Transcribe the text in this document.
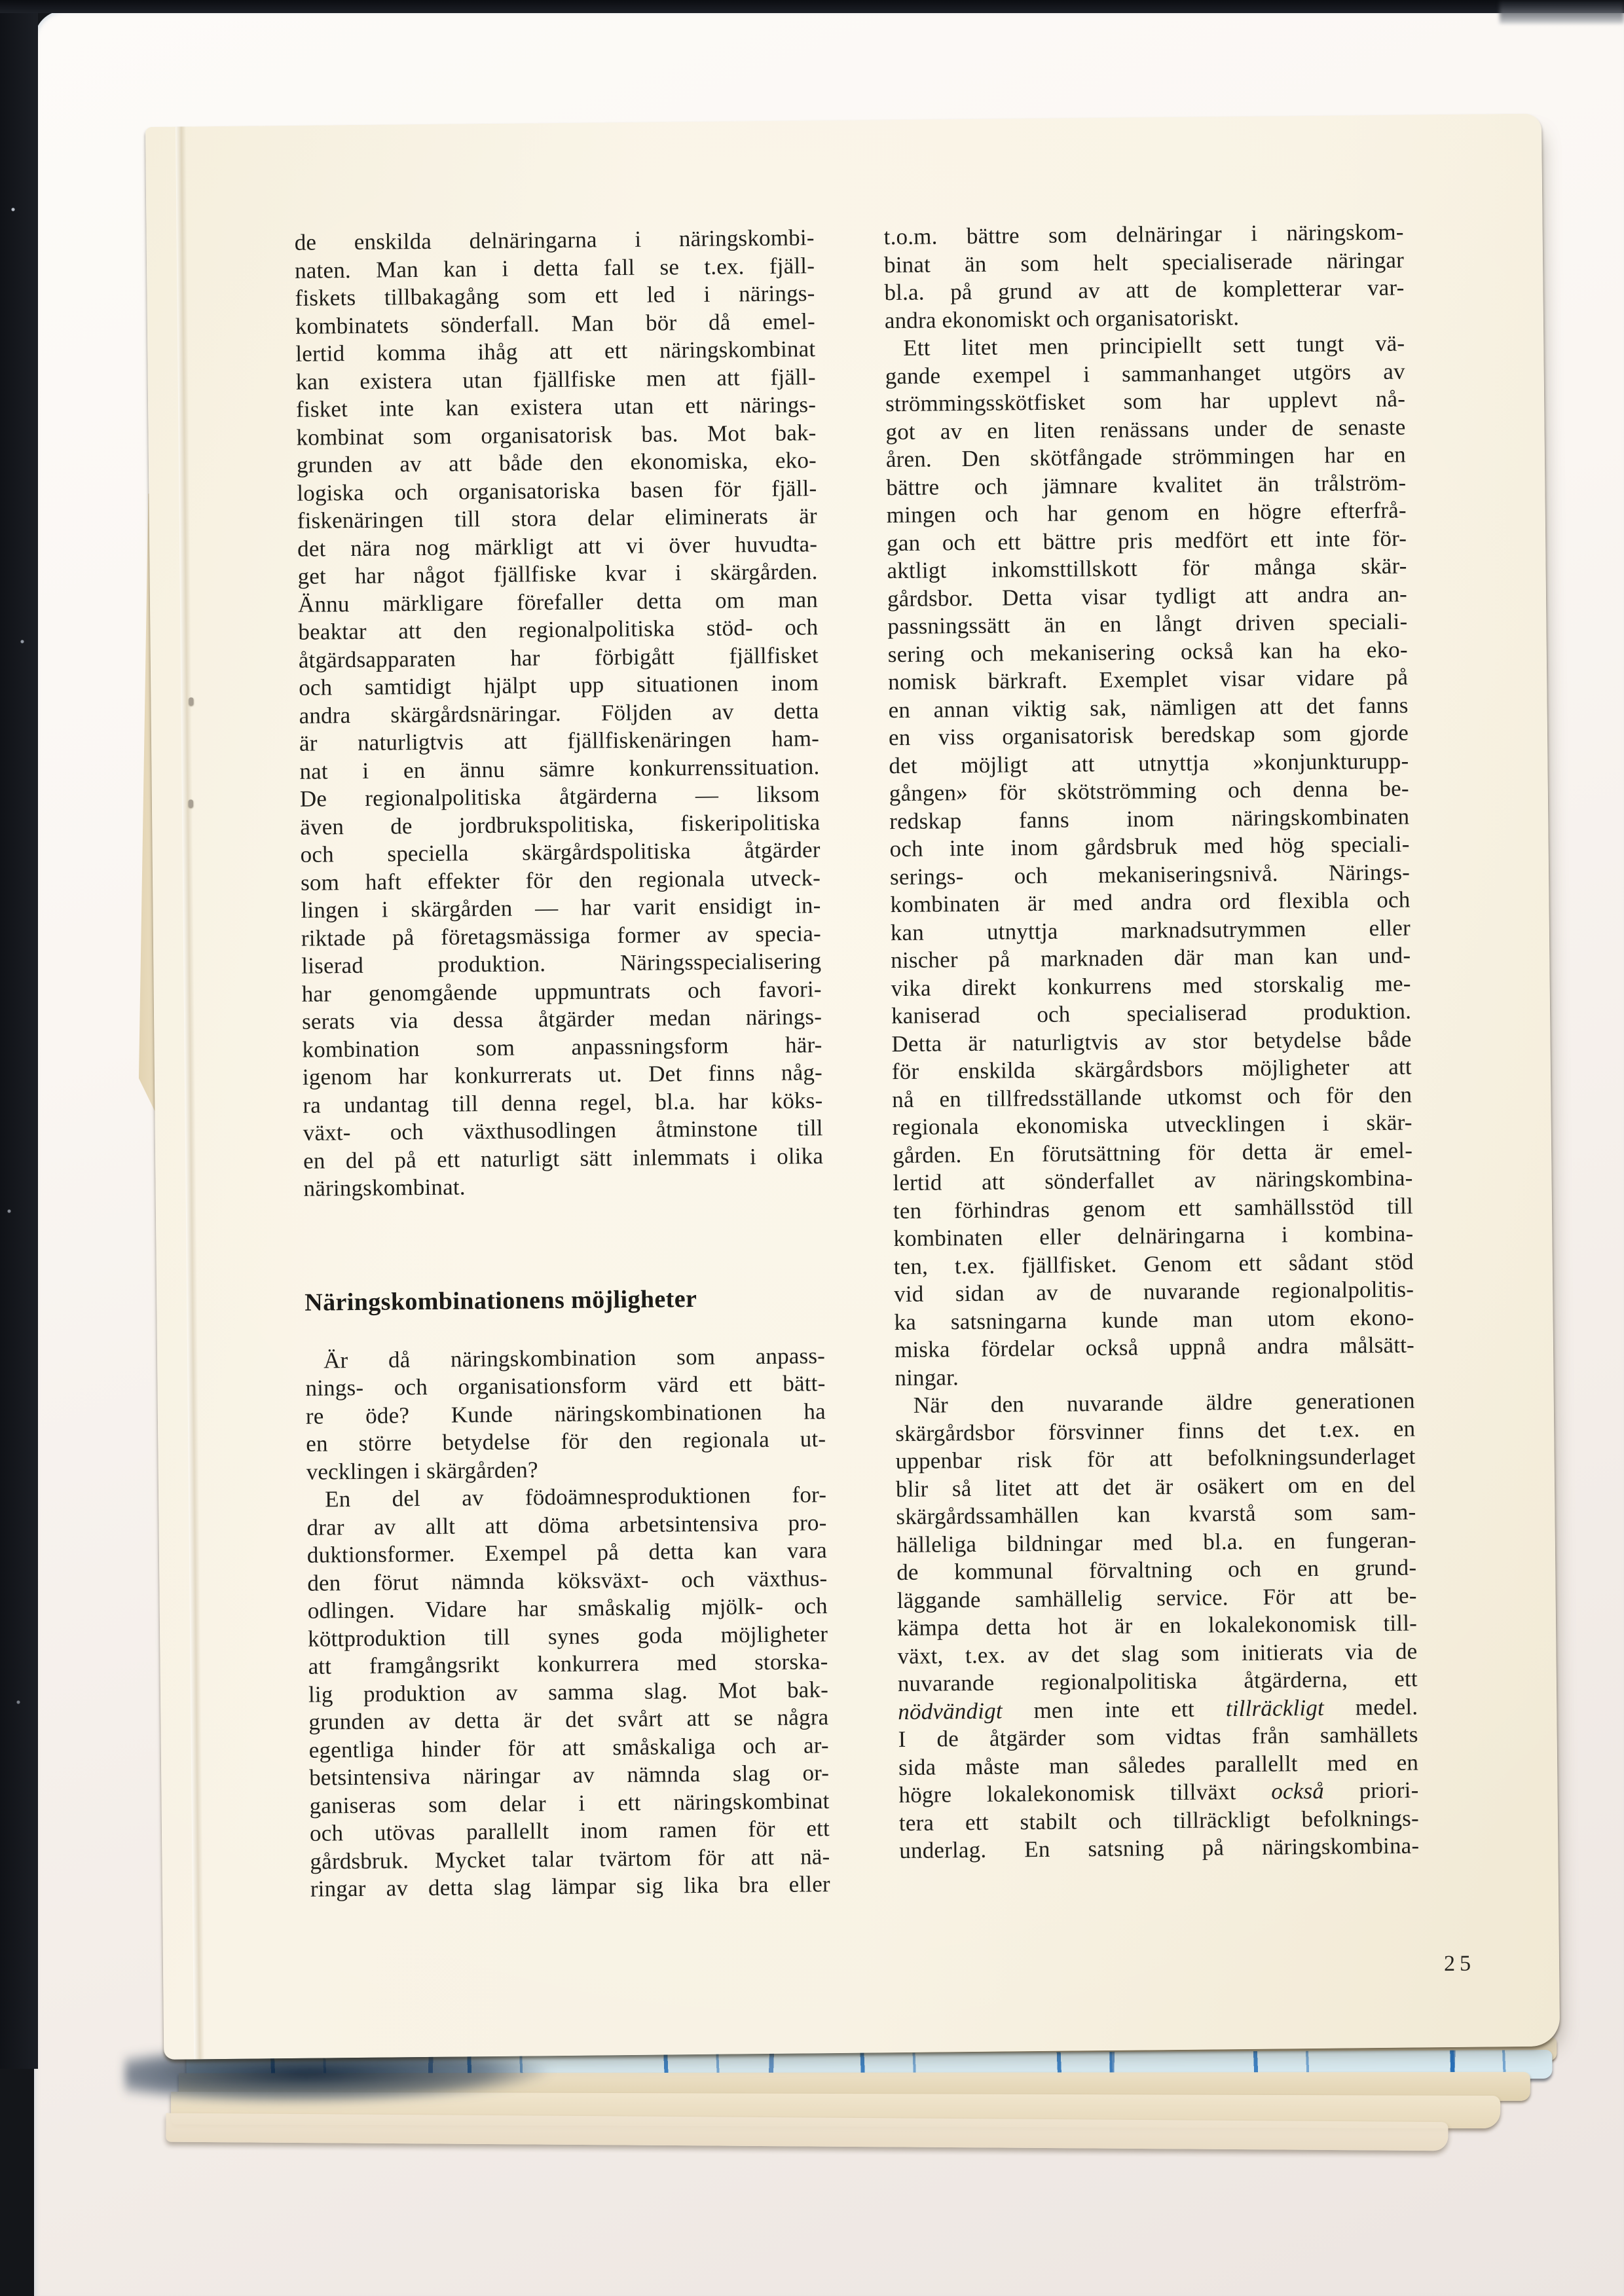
de enskilda delnäringarna i näringskombi-
naten. Man kan i detta fall se t.ex. fjäll-
fiskets tillbakagång som ett led i närings-
kombinatets sönderfall. Man bör då emel-
lertid komma ihåg att ett näringskombinat
kan existera utan fjällfiske men att fjäll-
fisket inte kan existera utan ett närings-
kombinat som organisatorisk bas. Mot bak-
grunden av att både den ekonomiska, eko-
logiska och organisatoriska basen för fjäll-
fiskenäringen till stora delar eliminerats är
det nära nog märkligt att vi över huvudta-
get har något fjällfiske kvar i skärgården.
Ännu märkligare förefaller detta om man
beaktar att den regionalpolitiska stöd- och
åtgärdsapparaten har förbigått fjällfisket
och samtidigt hjälpt upp situationen inom
andra skärgårdsnäringar. Följden av detta
är naturligtvis att fjällfiskenäringen ham-
nat i en ännu sämre konkurrenssituation.
De regionalpolitiska åtgärderna — liksom
även de jordbrukspolitiska, fiskeripolitiska
och speciella skärgårdspolitiska åtgärder
som haft effekter för den regionala utveck-
lingen i skärgården — har varit ensidigt in-
riktade på företagsmässiga former av specia-
liserad produktion. Näringsspecialisering
har genomgående uppmuntrats och favori-
serats via dessa åtgärder medan närings-
kombination som anpassningsform här-
igenom har konkurrerats ut. Det finns någ-
ra undantag till denna regel, bl.a. har köks-
växt- och växthusodlingen åtminstone till
en del på ett naturligt sätt inlemmats i olika
näringskombinat.
Näringskombinationens möjligheter
Är då näringskombination som anpass-
nings- och organisationsform värd ett bätt-
re öde? Kunde näringskombinationen ha
en större betydelse för den regionala ut-
vecklingen i skärgården?
En del av födoämnesproduktionen for-
drar av allt att döma arbetsintensiva pro-
duktionsformer. Exempel på detta kan vara
den förut nämnda köksväxt- och växthus-
odlingen. Vidare har småskalig mjölk- och
köttproduktion till synes goda möjligheter
att framgångsrikt konkurrera med storska-
lig produktion av samma slag. Mot bak-
grunden av detta är det svårt att se några
egentliga hinder för att småskaliga och ar-
betsintensiva näringar av nämnda slag or-
ganiseras som delar i ett näringskombinat
och utövas parallellt inom ramen för ett
gårdsbruk. Mycket talar tvärtom för att nä-
ringar av detta slag lämpar sig lika bra eller
t.o.m. bättre som delnäringar i näringskom-
binat än som helt specialiserade näringar
bl.a. på grund av att de kompletterar var-
andra ekonomiskt och organisatoriskt.
Ett litet men principiellt sett tungt vä-
gande exempel i sammanhanget utgörs av
strömmingsskötfisket som har upplevt nå-
got av en liten renässans under de senaste
åren. Den skötfångade strömmingen har en
bättre och jämnare kvalitet än trålström-
mingen och har genom en högre efterfrå-
gan och ett bättre pris medfört ett inte för-
aktligt inkomsttillskott för många skär-
gårdsbor. Detta visar tydligt att andra an-
passningssätt än en långt driven speciali-
sering och mekanisering också kan ha eko-
nomisk bärkraft. Exemplet visar vidare på
en annan viktig sak, nämligen att det fanns
en viss organisatorisk beredskap som gjorde
det möjligt att utnyttja »konjunkturupp-
gången» för skötströmming och denna be-
redskap fanns inom näringskombinaten
och inte inom gårdsbruk med hög speciali-
serings- och mekaniseringsnivå. Närings-
kombinaten är med andra ord flexibla och
kan utnyttja marknadsutrymmen eller
nischer på marknaden där man kan und-
vika direkt konkurrens med storskalig me-
kaniserad och specialiserad produktion.
Detta är naturligtvis av stor betydelse både
för enskilda skärgårdsbors möjligheter att
nå en tillfredsställande utkomst och för den
regionala ekonomiska utvecklingen i skär-
gården. En förutsättning för detta är emel-
lertid att sönderfallet av näringskombina-
ten förhindras genom ett samhällsstöd till
kombinaten eller delnäringarna i kombina-
ten, t.ex. fjällfisket. Genom ett sådant stöd
vid sidan av de nuvarande regionalpolitis-
ka satsningarna kunde man utom ekono-
miska fördelar också uppnå andra målsätt-
ningar.
När den nuvarande äldre generationen
skärgårdsbor försvinner finns det t.ex. en
uppenbar risk för att befolkningsunderlaget
blir så litet att det är osäkert om en del
skärgårdssamhällen kan kvarstå som sam-
hälleliga bildningar med bl.a. en fungeran-
de kommunal förvaltning och en grund-
läggande samhällelig service. För att be-
kämpa detta hot är en lokalekonomisk till-
växt, t.ex. av det slag som initierats via de
nuvarande regionalpolitiska åtgärderna, ett
nödvändigt men inte ett tillräckligt medel.
I de åtgärder som vidtas från samhällets
sida måste man således parallellt med en
högre lokalekonomisk tillväxt också priori-
tera ett stabilt och tillräckligt befolknings-
underlag. En satsning på näringskombina-
25
